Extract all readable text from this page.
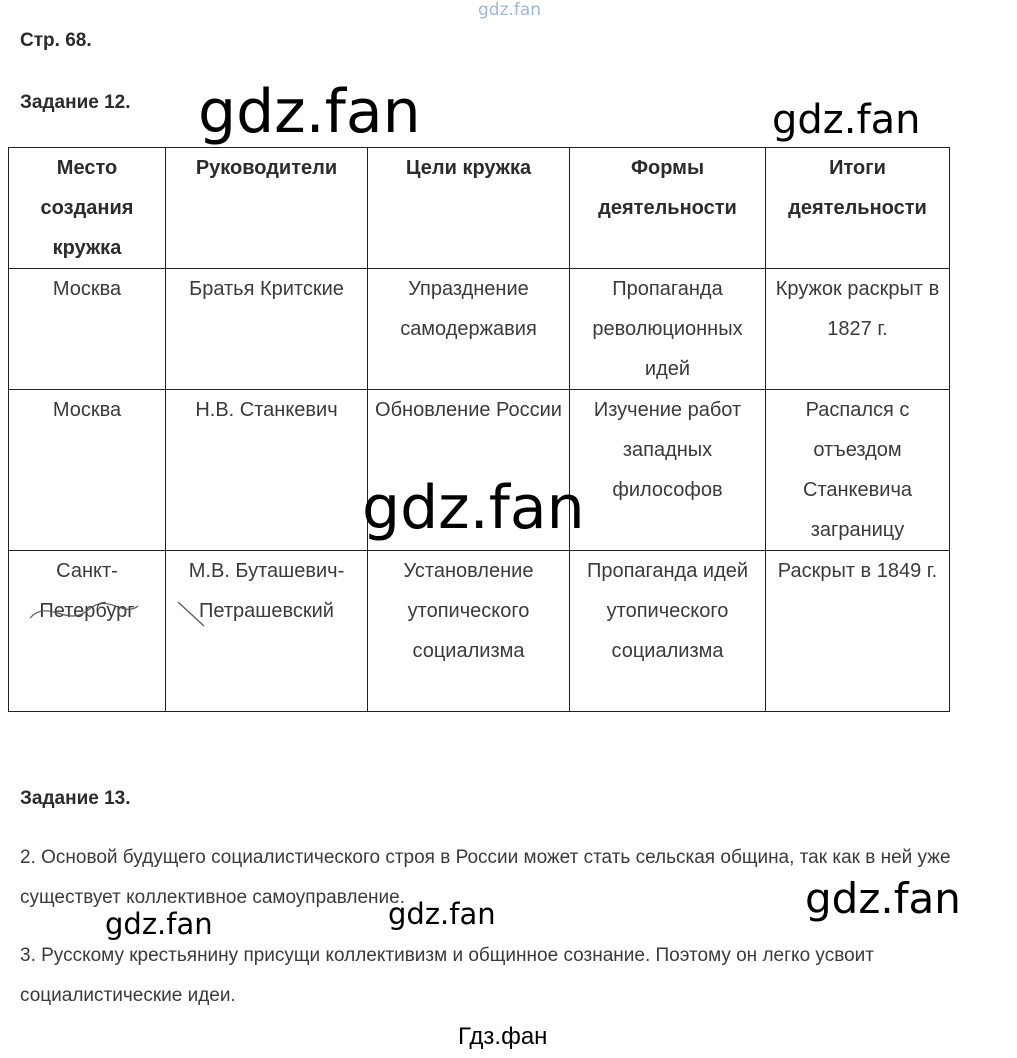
gdz.fan
Стр. 68.
Задание 12.
Место создания кружка	Руководители	Цели кружка	Формы деятельности	Итоги деятельности
Москва	Братья Критские	Упразднение самодержавия	Пропаганда революционных идей	Кружок раскрыт в 1827 г.
Москва	Н.В. Станкевич	Обновление России	Изучение работ западных философов	Распался с отъездом Станкевича заграницу
Санкт-Петербург	М.В. Буташевич-Петрашевский	Установление утопического социализма	Пропаганда идей утопического социализма	Раскрыт в 1849 г.
gdz.fan	gdz.fan
gdz.fan
Задание 13.
2. Основой будущего социалистического строя в России может стать сельская община, так как в ней уже существует коллективное самоуправление.
3. Русскому крестьянину присущи коллективизм и общинное сознание. Поэтому он легко усвоит социалистические идеи.
gdz.fan
gdz.fan	gdz.fan
Гдз.фан
